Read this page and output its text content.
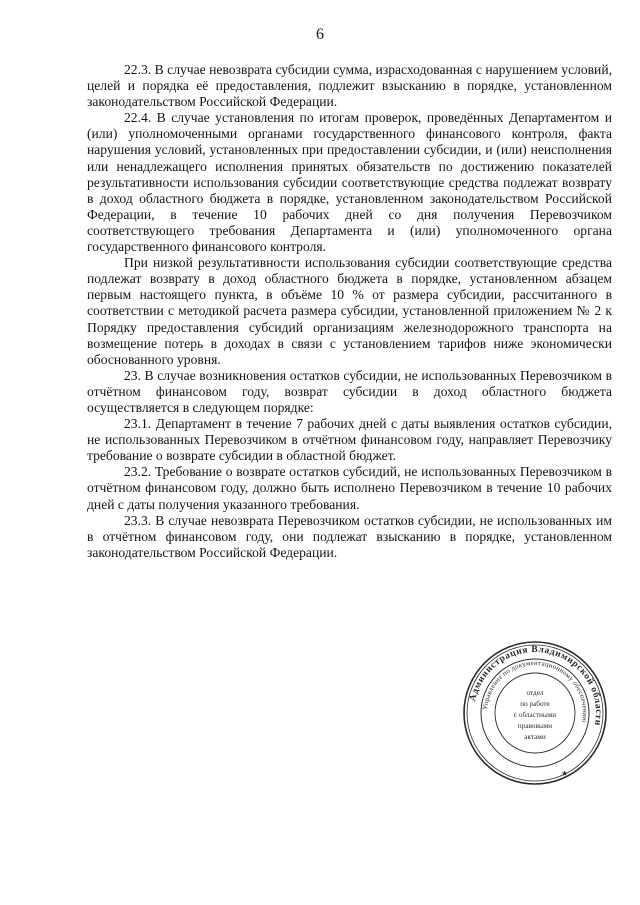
6

22.3. В случае невозврата субсидии сумма, израсходованная с нарушением условий, целей и порядка её предоставления, подлежит взысканию в порядке, установленном законодательством Российской Федерации.

22.4. В случае установления по итогам проверок, проведённых Департаментом и (или) уполномоченными органами государственного финансового контроля, факта нарушения условий, установленных при предоставлении субсидии, и (или) неисполнения или ненадлежащего исполнения принятых обязательств по достижению показателей результативности использования субсидии соответствующие средства подлежат возврату в доход областного бюджета в порядке, установленном законодательством Российской Федерации, в течение 10 рабочих дней со дня получения Перевозчиком соответствующего требования Департамента и (или) уполномоченного органа государственного финансового контроля.

При низкой результативности использования субсидии соответствующие средства подлежат возврату в доход областного бюджета в порядке, установленном абзацем первым настоящего пункта, в объёме 10 % от размера субсидии, рассчитанного в соответствии с методикой расчета размера субсидии, установленной приложением № 2 к Порядку предоставления субсидий организациям железнодорожного транспорта на возмещение потерь в доходах в связи с установлением тарифов ниже экономически обоснованного уровня.

23. В случае возникновения остатков субсидии, не использованных Перевозчиком в отчётном финансовом году, возврат субсидии в доход областного бюджета осуществляется в следующем порядке:

23.1. Департамент в течение 7 рабочих дней с даты выявления остатков субсидии, не использованных Перевозчиком в отчётном финансовом году, направляет Перевозчику требование о возврате субсидии в областной бюджет.

23.2. Требование о возврате остатков субсидий, не использованных Перевозчиком в отчётном финансовом году, должно быть исполнено Перевозчиком в течение 10 рабочих дней с даты получения указанного требования.

23.3. В случае невозврата Перевозчиком остатков субсидии, не использованных им в отчётном финансовом году, они подлежат взысканию в порядке, установленном законодательством Российской Федерации.

Администрация Владимирской области
Управление по документационному обеспечению
отдел
по работе
с областными
правовыми
актами
★
